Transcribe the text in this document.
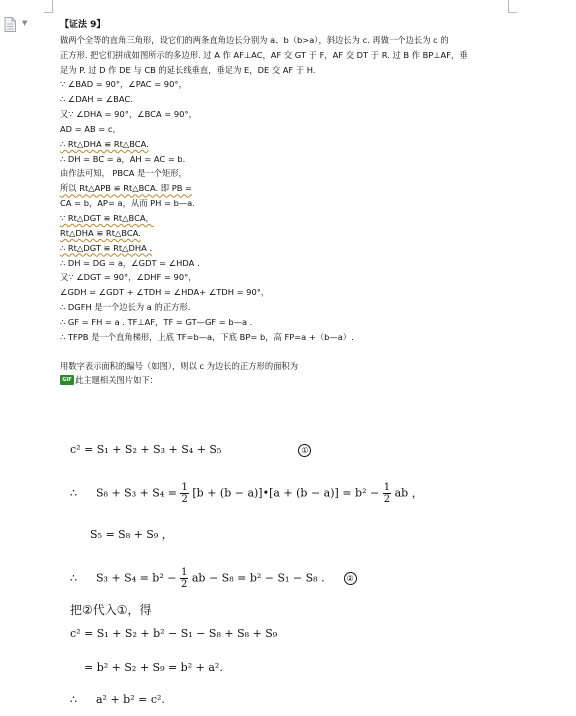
▼	【证法 9】
做两个全等的直角三角形，设它们的两条直角边长分别为 a、b（b>a），斜边长为 c. 再做一个边长为 c 的
正方形. 把它们拼成如图所示的多边形. 过 A 作 AF⊥AC，AF 交 GT 于 F，AF 交 DT 于 R. 过 B 作 BP⊥AF，垂
足为 P. 过 D 作 DE 与 CB 的延长线垂直，垂足为 E，DE 交 AF 于 H.
∵ ∠BAD = 90°，∠PAC = 90°，
∴ ∠DAH = ∠BAC.
又∵ ∠DHA = 90°，∠BCA = 90°，
AD = AB = c，
∴ Rt△DHA ≌ Rt△BCA.
∴ DH = BC = a，AH = AC = b.
由作法可知， PBCA 是一个矩形，
所以 Rt△APB ≌ Rt△BCA. 即 PB =
CA = b，AP= a，从而 PH = b—a.
∵ Rt△DGT ≌ Rt△BCA，
Rt△DHA ≌ Rt△BCA.
∴ Rt△DGT ≌ Rt△DHA .
∴ DH = DG = a，∠GDT = ∠HDA .
又∵ ∠DGT = 90°，∠DHF = 90°，
∠GDH = ∠GDT + ∠TDH = ∠HDA+ ∠TDH = 90°，
∴ DGFH 是一个边长为 a 的正方形.
∴ GF = FH = a . TF⊥AF，TF = GT—GF = b—a .
∴ TFPB 是一个直角梯形，上底 TF=b—a，下底 BP= b，高 FP=a +（b—a）.
用数字表示面积的编号（如图），则以 c 为边长的正方形的面积为
GIF 此主题相关图片如下：
c² = S₁ + S₂ + S₃ + S₄ + S₅	①
∴ $S_8 + S_3 + S_4 = \frac{1}{2} [b + (b$ − a)]•[a + $(b - a)] = b^2 - \frac{1}{2}$ ab ，
S₅ = S₈ + S₉ ，
∴ $S_3 + S_4 = b^2 - \frac{1}{2}$ ab − S₈ = b² − S₁ − S₈ .	②
把②代入①，得
c² = S₁ + S₂ + b² − S₁ − S₈ + S₈ + S₉
= b² + S₂ + S₉ = b² + a².
∴ a² + b² = c².
